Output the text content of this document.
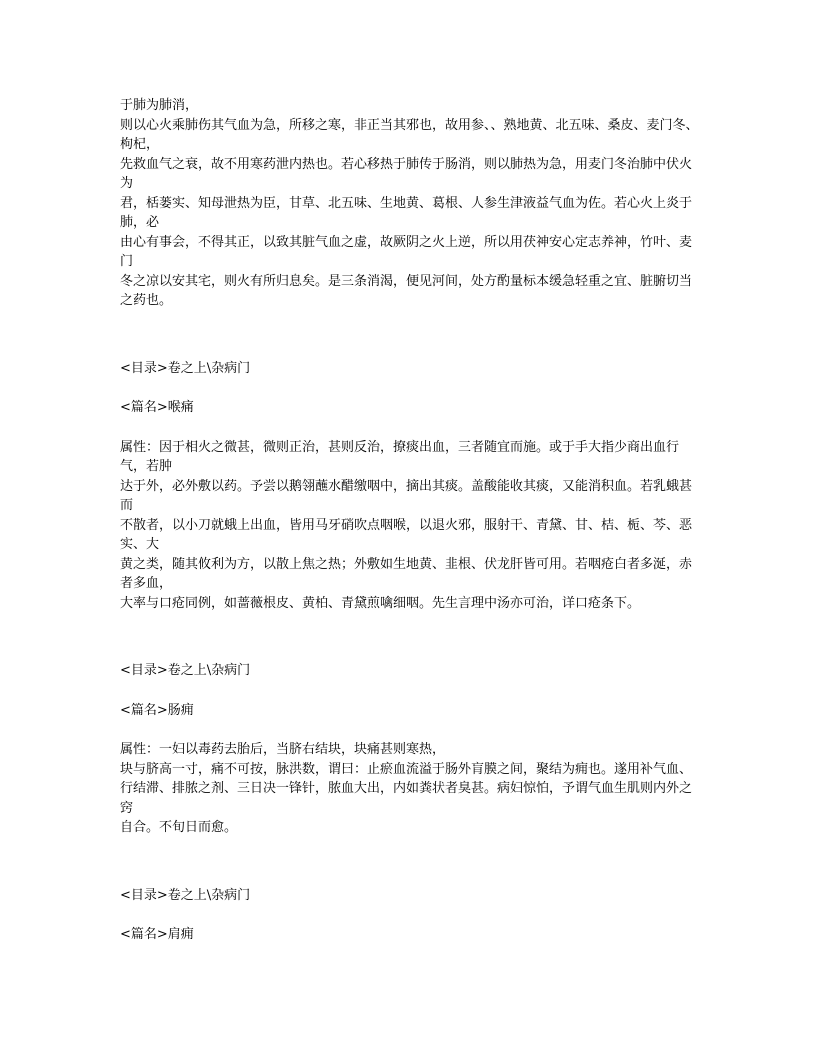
于肺为肺消，
则以心火乘肺伤其气血为急，所移之寒，非正当其邪也，故用参、、熟地黄、北五味、桑皮、麦门冬、枸杞，
先救血气之衰，故不用寒药泄内热也。若心移热于肺传于肠消，则以肺热为急，用麦门冬治肺中伏火为
君，栝蒌实、知母泄热为臣，甘草、北五味、生地黄、葛根、人参生津液益气血为佐。若心火上炎于肺，必
由心有事会，不得其正，以致其脏气血之虚，故厥阴之火上逆，所以用茯神安心定志养神，竹叶、麦门
冬之凉以安其宅，则火有所归息矣。是三条消渴，便见河间，处方酌量标本缓急轻重之宜、脏腑切当之药也。
<目录>卷之上\杂病门
<篇名>喉痛
属性：因于相火之微甚，微则正治，甚则反治，撩痰出血，三者随宜而施。或于手大指少商出血行气，若肿
达于外，必外敷以药。予尝以鹅翎蘸水醋缴咽中，摘出其痰。盖酸能收其痰，又能消积血。若乳蛾甚而
不散者，以小刀就蛾上出血，皆用马牙硝吹点咽喉，以退火邪，服射干、青黛、甘、桔、栀、芩、恶实、大
黄之类，随其攸利为方，以散上焦之热；外敷如生地黄、韭根、伏龙肝皆可用。若咽疮白者多涎，赤者多血，
大率与口疮同例，如蔷薇根皮、黄柏、青黛煎噙细咽。先生言理中汤亦可治，详口疮条下。
<目录>卷之上\杂病门
<篇名>肠痈
属性：一妇以毒药去胎后，当脐右结块，块痛甚则寒热，
块与脐高一寸，痛不可按，脉洪数，谓曰：止瘀血流溢于肠外肓膜之间，聚结为痈也。遂用补气血、
行结滞、排脓之剂、三日决一锋针，脓血大出，内如粪状者臭甚。病妇惊怕，予谓气血生肌则内外之窍
自合。不旬日而愈。
<目录>卷之上\杂病门
<篇名>肩痈
